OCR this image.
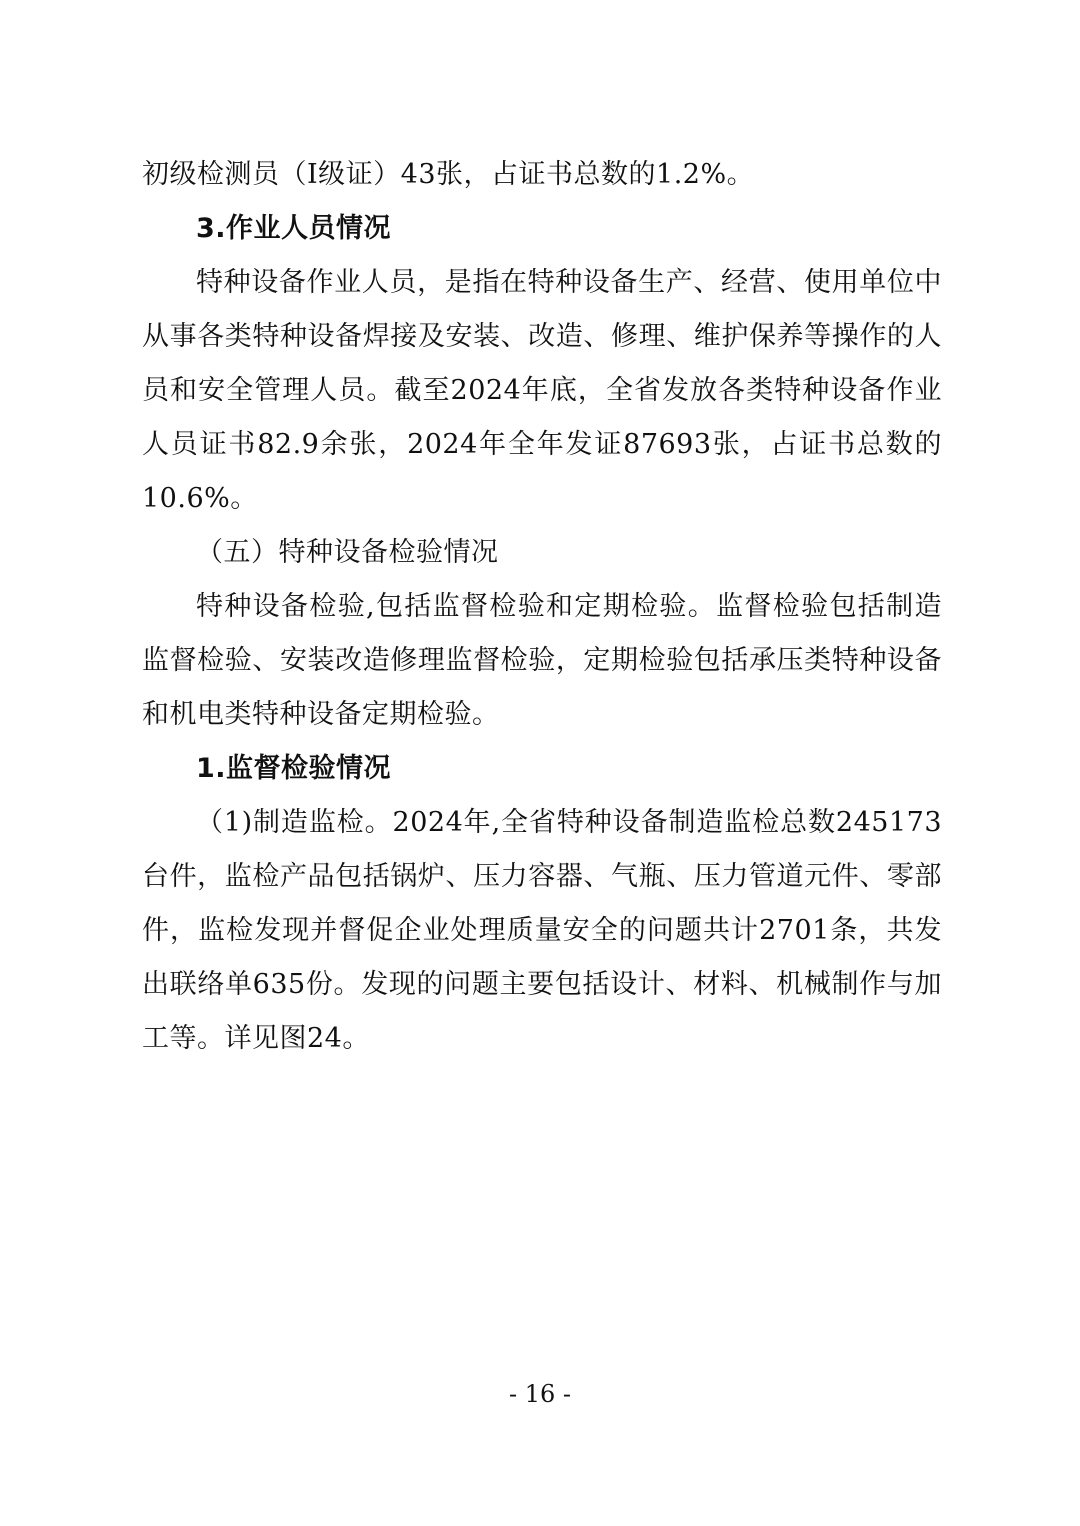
初级检测员（Ⅰ级证）43张，占证书总数的1.2%。

3.作业人员情况

特种设备作业人员，是指在特种设备生产、经营、使用单位中从事各类特种设备焊接及安装、改造、修理、维护保养等操作的人员和安全管理人员。截至2024年底，全省发放各类特种设备作业人员证书82.9余张，2024年全年发证87693张，占证书总数的10.6%。

（五）特种设备检验情况

特种设备检验,包括监督检验和定期检验。监督检验包括制造监督检验、安装改造修理监督检验，定期检验包括承压类特种设备和机电类特种设备定期检验。

1.监督检验情况

（1)制造监检。2024年,全省特种设备制造监检总数245173台件，监检产品包括锅炉、压力容器、气瓶、压力管道元件、零部件，监检发现并督促企业处理质量安全的问题共计2701条，共发出联络单635份。发现的问题主要包括设计、材料、机械制作与加工等。详见图24。

- 16 -
